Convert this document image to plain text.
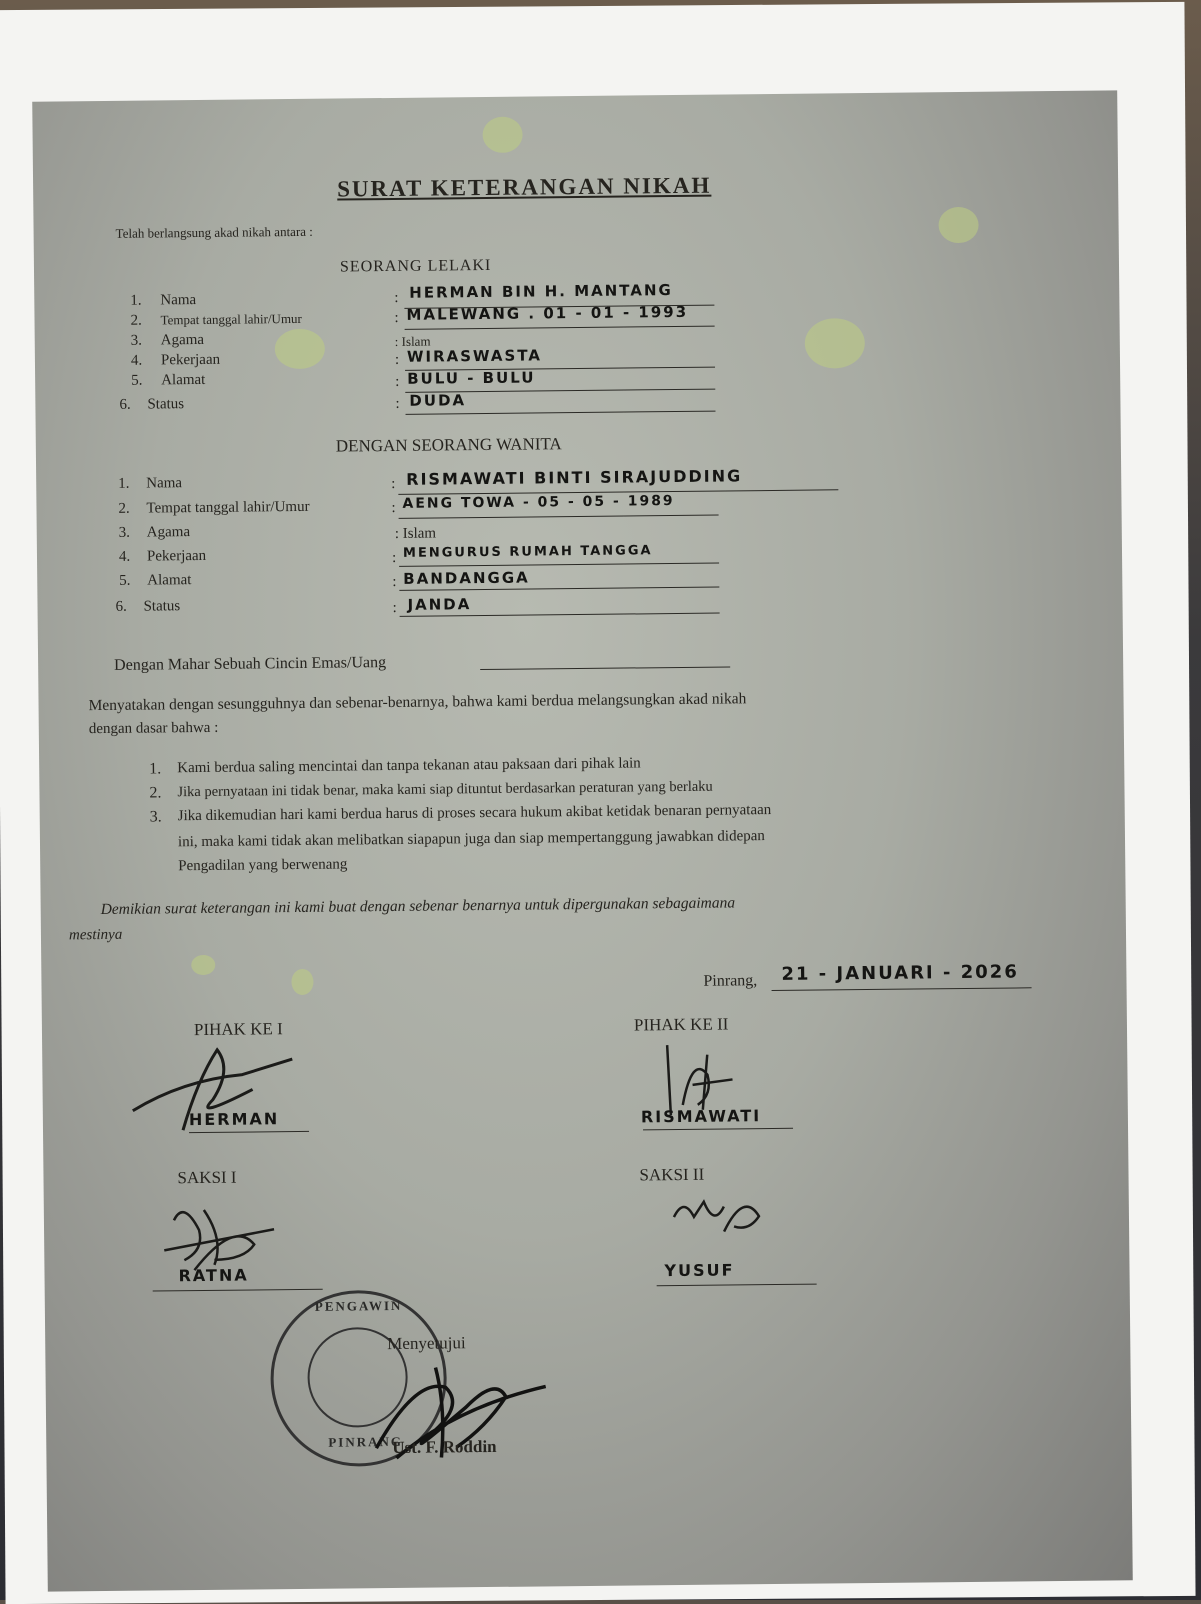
SURAT KETERANGAN NIKAH
Telah berlangsung akad nikah antara :
SEORANG LELAKI
1. Nama	: HERMAN BIN H. MANTANG
2. Tempat tanggal lahir/Umur	: MALEWANG . 01 - 01 - 1993
3. Agama	: Islam
4. Pekerjaan	: WIRASWASTA
5. Alamat	: BULU - BULU
6. Status	: DUDA
DENGAN SEORANG WANITA
1. Nama	: RISMAWATI BINTI SIRAJUDDING
2. Tempat tanggal lahir/Umur	: AENG TOWA - 05 - 05 - 1989
3. Agama	: Islam
4. Pekerjaan	: MENGURUS RUMAH TANGGA
5. Alamat	: BANDANGGA
6. Status	: JANDA
Dengan Mahar Sebuah Cincin Emas/Uang
Menyatakan dengan sesungguhnya dan sebenar-benarnya, bahwa kami berdua melangsungkan akad nikah
dengan dasar bahwa :
1. Kami berdua saling mencintai dan tanpa tekanan atau paksaan dari pihak lain
2. Jika pernyataan ini tidak benar, maka kami siap dituntut berdasarkan peraturan yang berlaku
3. Jika dikemudian hari kami berdua harus di proses secara hukum akibat ketidak benaran pernyataan
ini, maka kami tidak akan melibatkan siapapun juga dan siap mempertanggung jawabkan didepan
Pengadilan yang berwenang
Demikian surat keterangan ini kami buat dengan sebenar benarnya untuk dipergunakan sebagaimana
mestinya
Pinrang, 21 - JANUARI - 2026
PIHAK KE I
HERMAN
PIHAK KE II
RISMAWATI
SAKSI I
RATNA
SAKSI II
YUSUF
PENGAWIN
PINRANG
Menyetujui
Ust. F. Roddin
